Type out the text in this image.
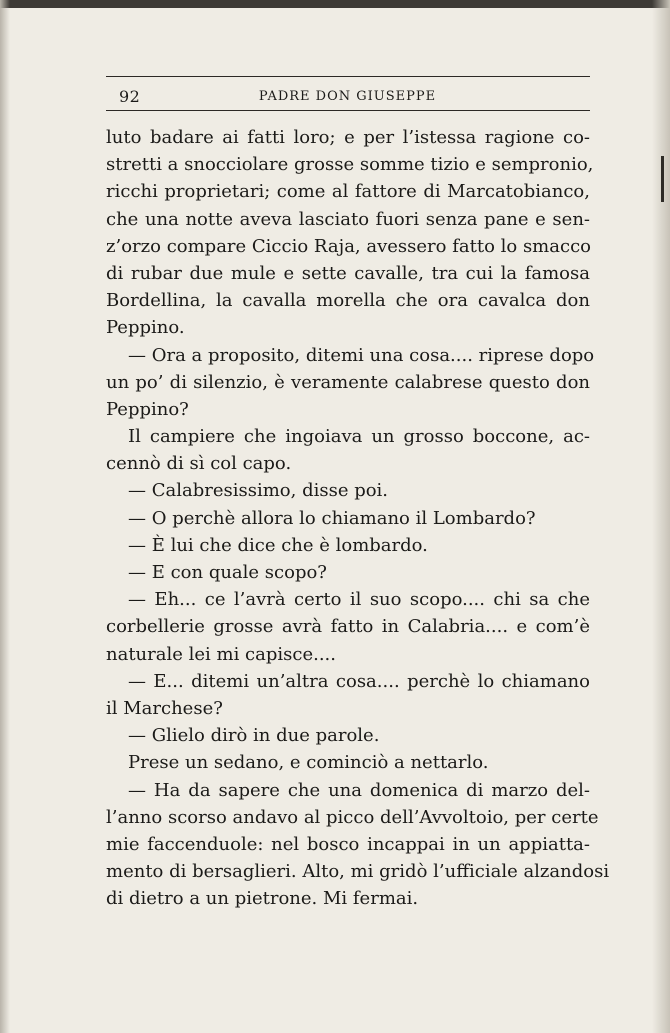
92	PADRE DON GIUSEPPE
luto badare ai fatti loro; e per l’istessa ragione co-
stretti a snocciolare grosse somme tizio e sempronio,
ricchi proprietari; come al fattore di Marcatobianco,
che una notte aveva lasciato fuori senza pane e sen-
z’orzo compare Ciccio Raja, avessero fatto lo smacco
di rubar due mule e sette cavalle, tra cui la famosa
Bordellina, la cavalla morella che ora cavalca don
Peppino.
— Ora a proposito, ditemi una cosa.... riprese dopo
un po’ di silenzio, è veramente calabrese questo don
Peppino?
Il campiere che ingoiava un grosso boccone, ac-
cennò di sì col capo.
— Calabresissimo, disse poi.
— O perchè allora lo chiamano il Lombardo?
— È lui che dice che è lombardo.
— E con quale scopo?
— Eh... ce l’avrà certo il suo scopo.... chi sa che
corbellerie grosse avrà fatto in Calabria.... e com’è
naturale lei mi capisce....
— E... ditemi un’altra cosa.... perchè lo chiamano
il Marchese?
— Glielo dirò in due parole.
Prese un sedano, e cominciò a nettarlo.
— Ha da sapere che una domenica di marzo del-
l’anno scorso andavo al picco dell’Avvoltoio, per certe
mie faccenduole: nel bosco incappai in un appiatta-
mento di bersaglieri. Alto, mi gridò l’ufficiale alzandosi
di dietro a un pietrone. Mi fermai.
